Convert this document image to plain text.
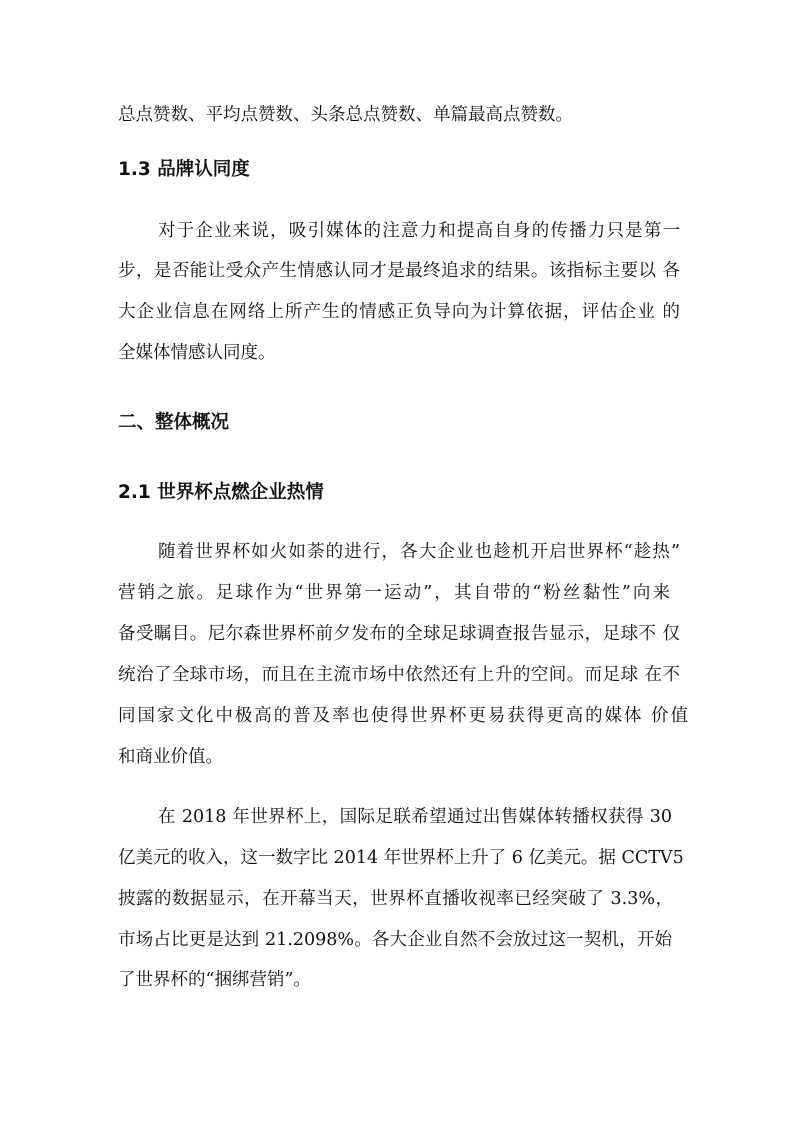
总点赞数、平均点赞数、头条总点赞数、单篇最高点赞数。
1.3 品牌认同度
对于企业来说，吸引媒体的注意力和提高自身的传播力只是第一
步，是否能让受众产生情感认同才是最终追求的结果。该指标主要以 各
大企业信息在网络上所产生的情感正负导向为计算依据，评估企业 的
全媒体情感认同度。
二、整体概况
2.1 世界杯点燃企业热情
随着世界杯如火如荼的进行，各大企业也趁机开启世界杯“趁热”
营销之旅。足球作为“世界第一运动”，其自带的“粉丝黏性”向来
备受瞩目。尼尔森世界杯前夕发布的全球足球调查报告显示，足球不 仅
统治了全球市场，而且在主流市场中依然还有上升的空间。而足球 在不
同国家文化中极高的普及率也使得世界杯更易获得更高的媒体 价值
和商业价值。
在 2018 年世界杯上，国际足联希望通过出售媒体转播权获得 30
亿美元的收入，这一数字比 2014 年世界杯上升了 6 亿美元。据 CCTV5
披露的数据显示，在开幕当天，世界杯直播收视率已经突破了 3.3%，
市场占比更是达到 21.2098%。各大企业自然不会放过这一契机，开始
了世界杯的“捆绑营销”。
